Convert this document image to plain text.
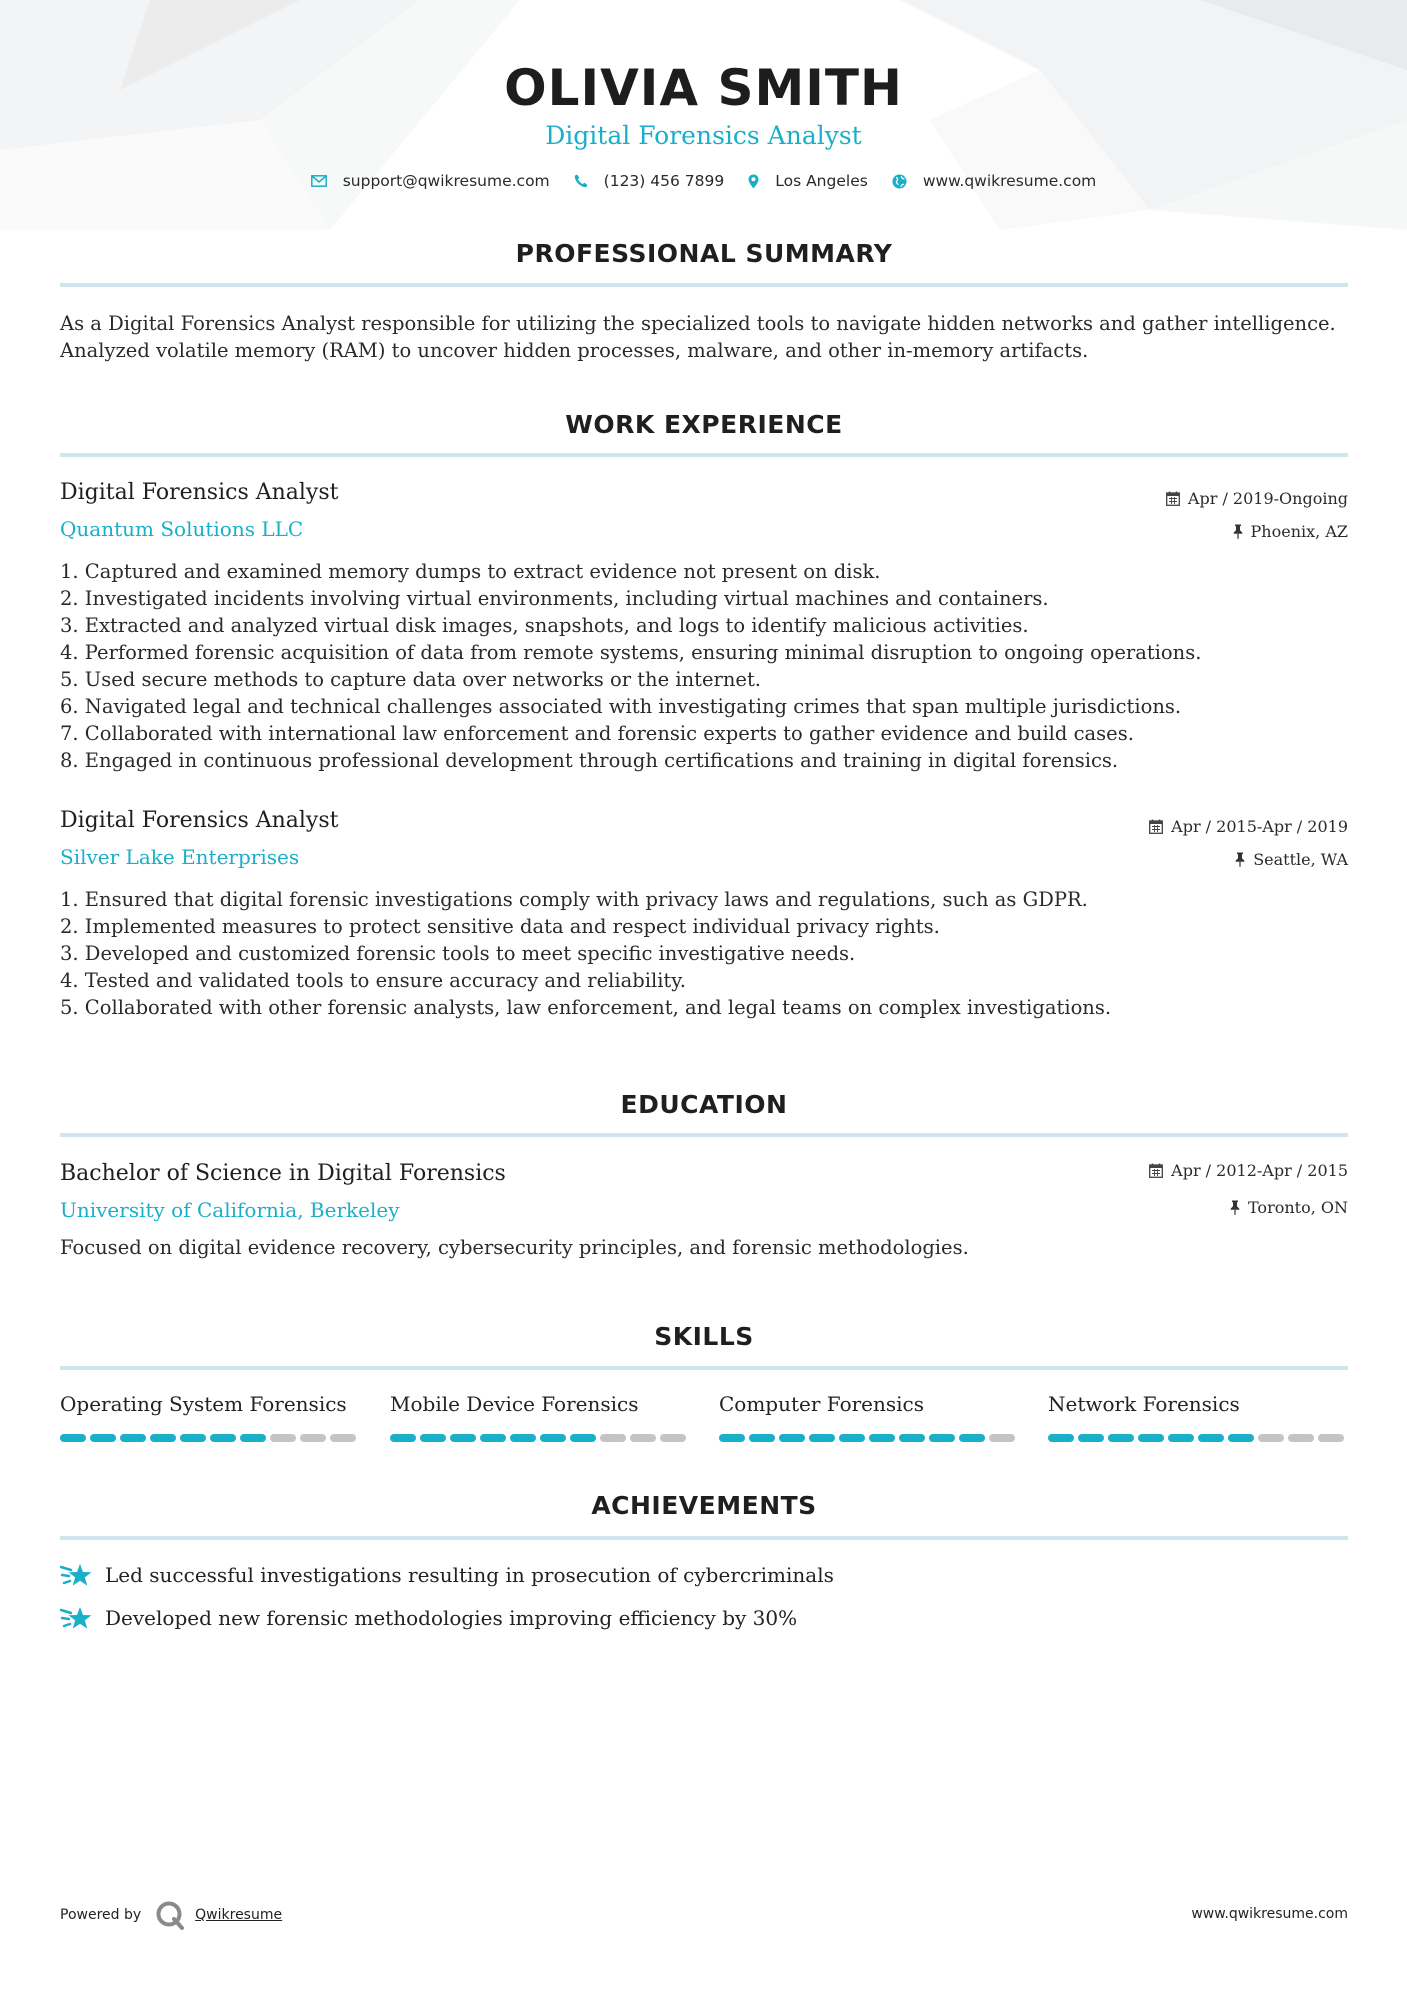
OLIVIA SMITH
Digital Forensics Analyst
support@qwikresume.com	(123) 456 7899	Los Angeles	www.qwikresume.com
PROFESSIONAL SUMMARY
As a Digital Forensics Analyst responsible for utilizing the specialized tools to navigate hidden networks and gather intelligence. Analyzed volatile memory (RAM) to uncover hidden processes, malware, and other in-memory artifacts.
WORK EXPERIENCE
Digital Forensics Analyst	Apr / 2019-Ongoing
Quantum Solutions LLC	Phoenix, AZ
1. Captured and examined memory dumps to extract evidence not present on disk.
2. Investigated incidents involving virtual environments, including virtual machines and containers.
3. Extracted and analyzed virtual disk images, snapshots, and logs to identify malicious activities.
4. Performed forensic acquisition of data from remote systems, ensuring minimal disruption to ongoing operations.
5. Used secure methods to capture data over networks or the internet.
6. Navigated legal and technical challenges associated with investigating crimes that span multiple jurisdictions.
7. Collaborated with international law enforcement and forensic experts to gather evidence and build cases.
8. Engaged in continuous professional development through certifications and training in digital forensics.
Digital Forensics Analyst	Apr / 2015-Apr / 2019
Silver Lake Enterprises	Seattle, WA
1. Ensured that digital forensic investigations comply with privacy laws and regulations, such as GDPR.
2. Implemented measures to protect sensitive data and respect individual privacy rights.
3. Developed and customized forensic tools to meet specific investigative needs.
4. Tested and validated tools to ensure accuracy and reliability.
5. Collaborated with other forensic analysts, law enforcement, and legal teams on complex investigations.
EDUCATION
Bachelor of Science in Digital Forensics	Apr / 2012-Apr / 2015
University of California, Berkeley	Toronto, ON
Focused on digital evidence recovery, cybersecurity principles, and forensic methodologies.
SKILLS
Operating System Forensics	Mobile Device Forensics	Computer Forensics	Network Forensics
ACHIEVEMENTS
Led successful investigations resulting in prosecution of cybercriminals
Developed new forensic methodologies improving efficiency by 30%
Powered by	Qwikresume	www.qwikresume.com
